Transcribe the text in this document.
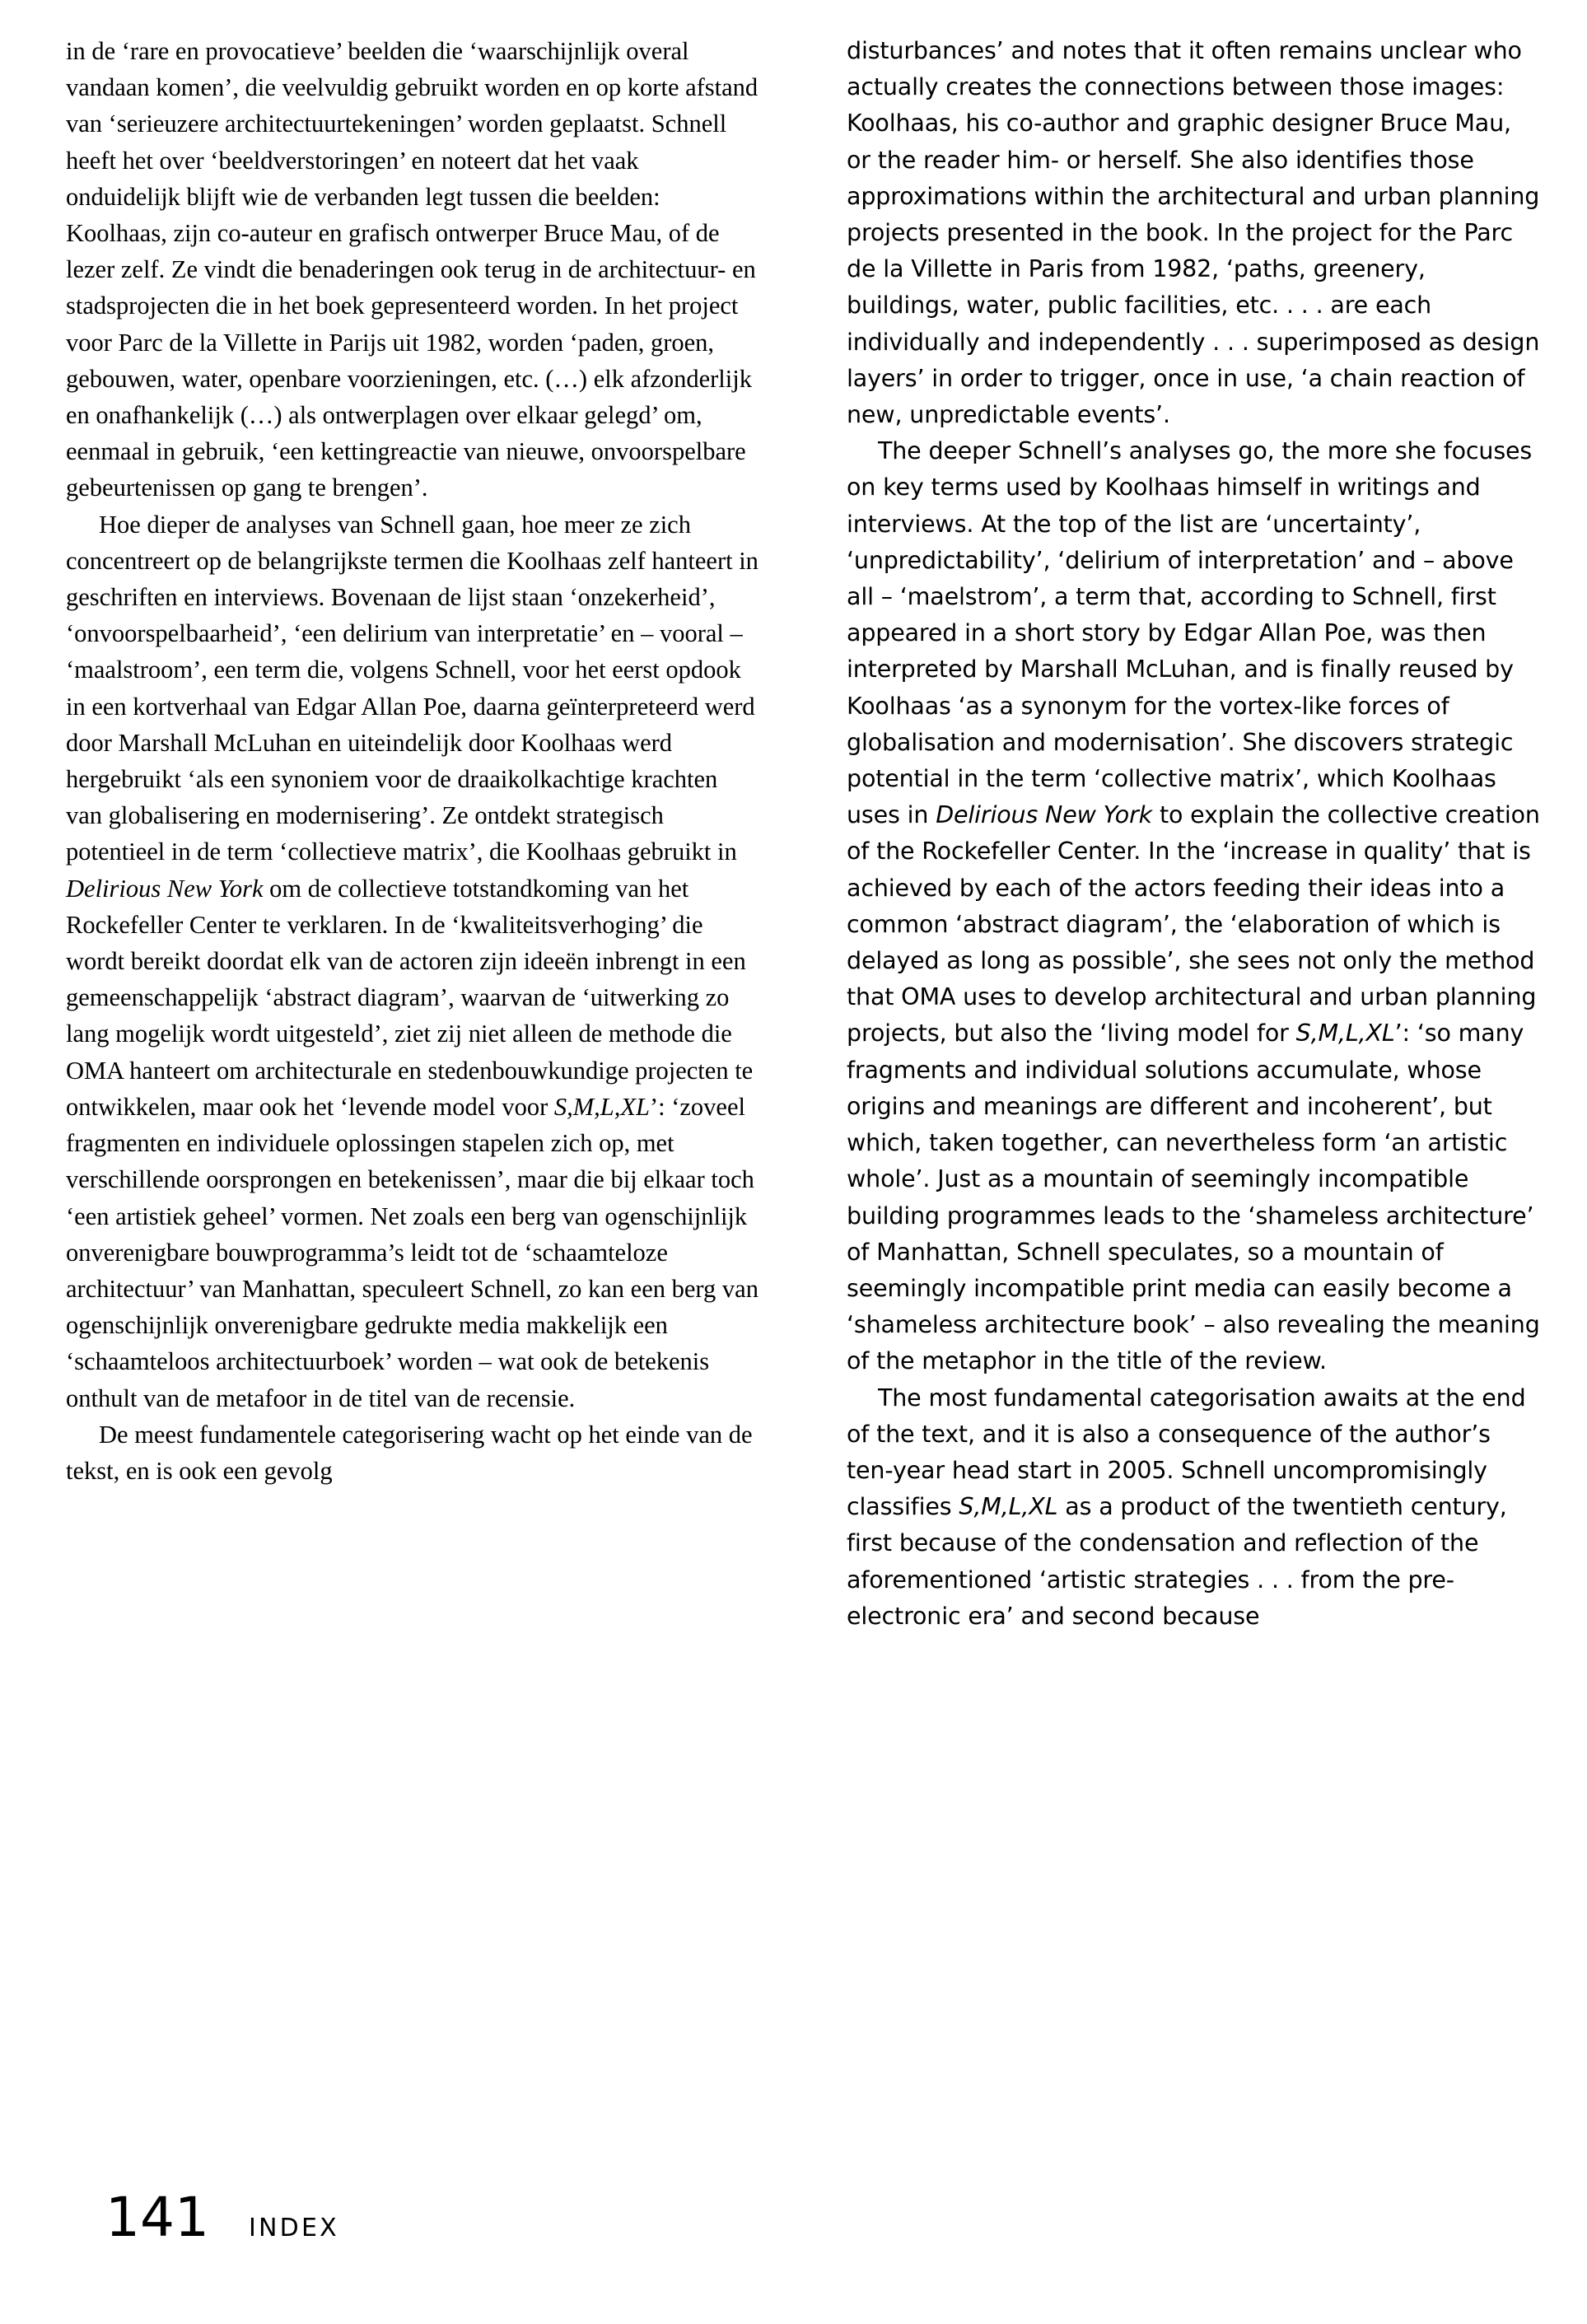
in de ‘rare en provocatieve’ beelden die ‘waarschijnlijk overal vandaan komen’, die veelvuldig gebruikt worden en op korte afstand van ‘serieuzere architectuurtekeningen’ worden geplaatst. Schnell heeft het over ‘beeldverstoringen’ en noteert dat het vaak onduidelijk blijft wie de verbanden legt tussen die beelden: Koolhaas, zijn co-auteur en grafisch ontwerper Bruce Mau, of de lezer zelf. Ze vindt die benaderingen ook terug in de architectuur- en stadsprojecten die in het boek gepresenteerd worden. In het project voor Parc de la Villette in Parijs uit 1982, worden ‘paden, groen, gebouwen, water, openbare voorzieningen, etc. (…) elk afzonderlijk en onafhankelijk (…) als ontwerplagen over elkaar gelegd’ om, eenmaal in gebruik, ‘een kettingreactie van nieuwe, onvoorspelbare gebeurtenissen op gang te brengen’.

Hoe dieper de analyses van Schnell gaan, hoe meer ze zich concentreert op de belangrijkste termen die Koolhaas zelf hanteert in geschriften en interviews. Bovenaan de lijst staan ‘onzekerheid’, ‘onvoorspelbaarheid’, ‘een delirium van interpretatie’ en – vooral – ‘maalstroom’, een term die, volgens Schnell, voor het eerst opdook in een kortverhaal van Edgar Allan Poe, daarna geïnterpreteerd werd door Marshall McLuhan en uiteindelijk door Koolhaas werd hergebruikt ‘als een synoniem voor de draaikolkachtige krachten van globalisering en modernisering’. Ze ontdekt strategisch potentieel in de term ‘collectieve matrix’, die Koolhaas gebruikt in Delirious New York om de collectieve totstandkoming van het Rockefeller Center te verklaren. In de ‘kwaliteitsverhoging’ die wordt bereikt doordat elk van de actoren zijn ideeën inbrengt in een gemeenschappelijk ‘abstract diagram’, waarvan de ‘uitwerking zo lang mogelijk wordt uitgesteld’, ziet zij niet alleen de methode die OMA hanteert om architecturale en stedenbouwkundige projecten te ontwikkelen, maar ook het ‘levende model voor S,M,L,XL’: ‘zoveel fragmenten en individuele oplossingen stapelen zich op, met verschillende oorsprongen en betekenissen’, maar die bij elkaar toch ‘een artistiek geheel’ vormen. Net zoals een berg van ogenschijnlijk onverenigbare bouwprogramma’s leidt tot de ‘schaamteloze architectuur’ van Manhattan, speculeert Schnell, zo kan een berg van ogenschijnlijk onverenigbare gedrukte media makkelijk een ‘schaamteloos architectuurboek’ worden – wat ook de betekenis onthult van de metafoor in de titel van de recensie.

De meest fundamentele categorisering wacht op het einde van de tekst, en is ook een gevolg

disturbances’ and notes that it often remains unclear who actually creates the connections between those images: Koolhaas, his co-author and graphic designer Bruce Mau, or the reader him- or herself. She also identifies those approximations within the architectural and urban planning projects presented in the book. In the project for the Parc de la Villette in Paris from 1982, ‘paths, greenery, buildings, water, public facilities, etc. . . . are each individually and independently . . . superimposed as design layers’ in order to trigger, once in use, ‘a chain reaction of new, unpredictable events’.

The deeper Schnell’s analyses go, the more she focuses on key terms used by Koolhaas himself in writings and interviews. At the top of the list are ‘uncertainty’, ‘unpredictability’, ‘delirium of interpretation’ and – above all – ‘maelstrom’, a term that, according to Schnell, first appeared in a short story by Edgar Allan Poe, was then interpreted by Marshall McLuhan, and is finally reused by Koolhaas ‘as a synonym for the vortex-like forces of globalisation and modernisation’. She discovers strategic potential in the term ‘collective matrix’, which Koolhaas uses in Delirious New York to explain the collective creation of the Rockefeller Center. In the ‘increase in quality’ that is achieved by each of the actors feeding their ideas into a common ‘abstract diagram’, the ‘elaboration of which is delayed as long as possible’, she sees not only the method that OMA uses to develop architectural and urban planning projects, but also the ‘living model for S,M,L,XL’: ‘so many fragments and individual solutions accumulate, whose origins and meanings are different and incoherent’, but which, taken together, can nevertheless form ‘an artistic whole’. Just as a mountain of seemingly incompatible building programmes leads to the ‘shameless architecture’ of Manhattan, Schnell speculates, so a mountain of seemingly incompatible print media can easily become a ‘shameless architecture book’ – also revealing the meaning of the metaphor in the title of the review.

The most fundamental categorisation awaits at the end of the text, and it is also a consequence of the author’s ten-year head start in 2005. Schnell uncompromisingly classifies S,M,L,XL as a product of the twentieth century, first because of the condensation and reflection of the aforementioned ‘artistic strategies . . . from the pre-electronic era’ and second because

141 INDEX
